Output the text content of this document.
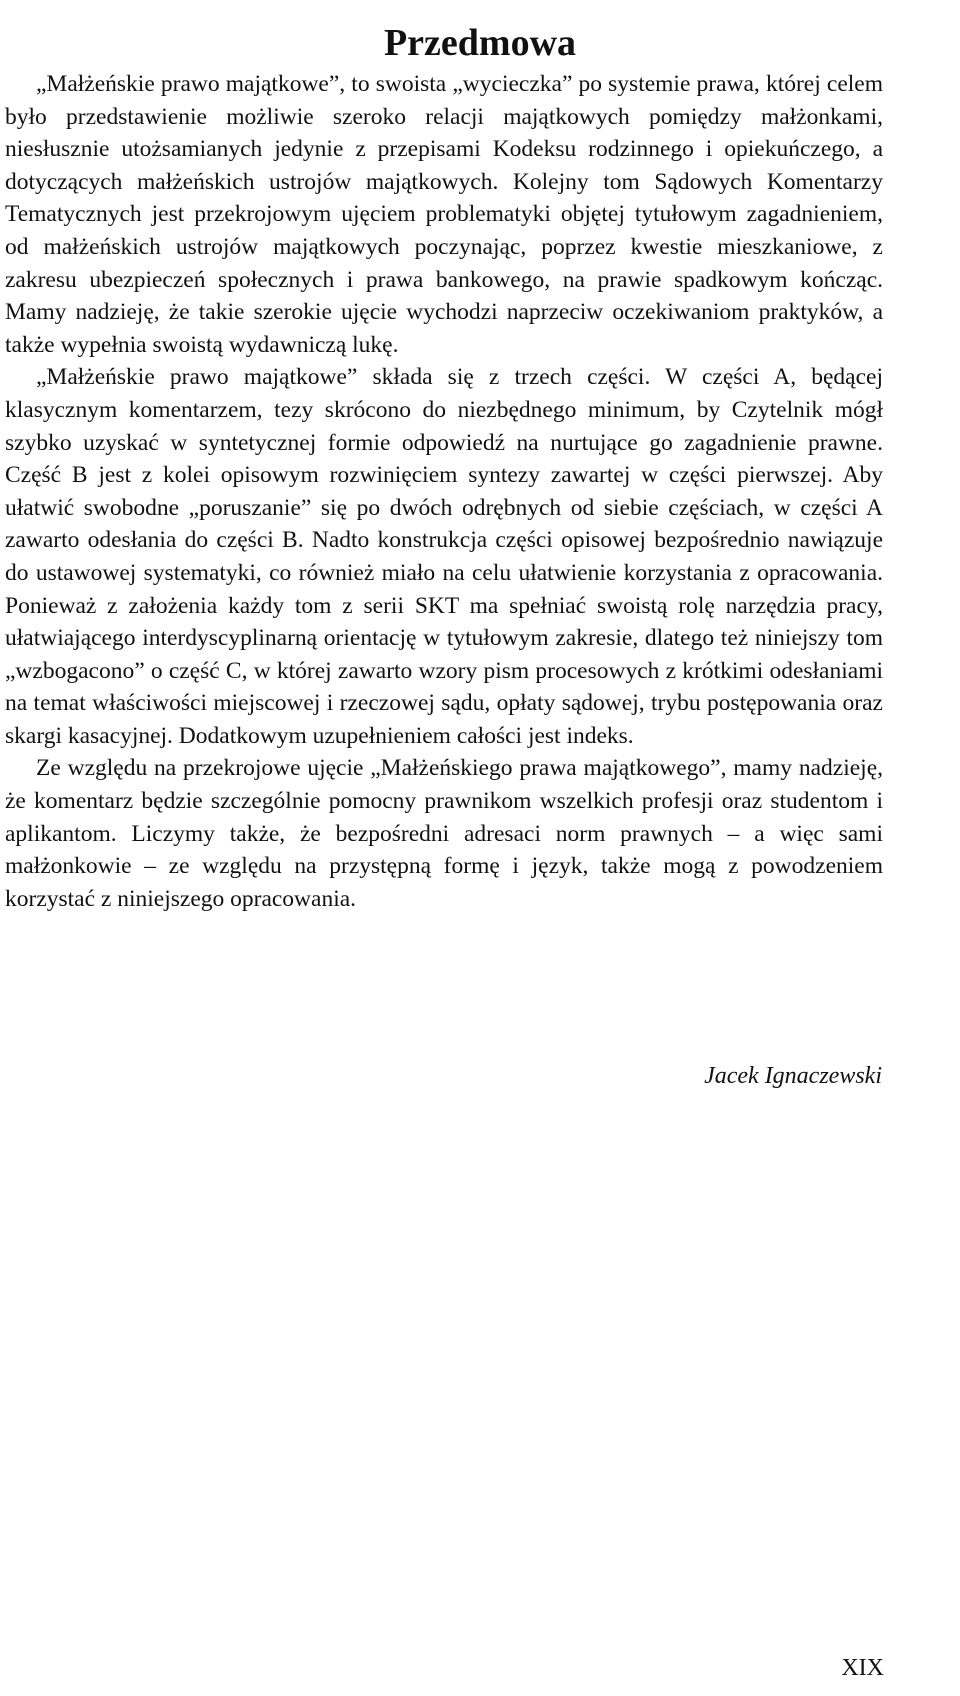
Przedmowa

„Małżeńskie prawo majątkowe”, to swoista „wycieczka” po systemie prawa, której celem było przedstawienie możliwie szeroko relacji majątkowych pomiędzy małżonkami, niesłusznie utożsamianych jedynie z przepisami Kodeksu rodzinnego i opiekuńczego, a dotyczących małżeńskich ustrojów majątkowych. Kolejny tom Sądowych Komentarzy Tematycznych jest przekrojowym ujęciem problematyki objętej tytułowym zagadnieniem, od małżeńskich ustrojów majątkowych poczynając, poprzez kwestie mieszkaniowe, z zakresu ubezpieczeń społecznych i prawa bankowego, na prawie spadkowym kończąc. Mamy nadzieję, że takie szerokie ujęcie wychodzi naprzeciw oczekiwaniom praktyków, a także wypełnia swoistą wydawniczą lukę.

„Małżeńskie prawo majątkowe” składa się z trzech części. W części A, będącej klasycznym komentarzem, tezy skrócono do niezbędnego minimum, by Czytelnik mógł szybko uzyskać w syntetycznej formie odpowiedź na nurtujące go zagadnienie prawne. Część B jest z kolei opisowym rozwinięciem syntezy zawartej w części pierwszej. Aby ułatwić swobodne „poruszanie” się po dwóch odrębnych od siebie częściach, w części A zawarto odesłania do części B. Nadto konstrukcja części opisowej bezpośrednio nawiązuje do ustawowej systematyki, co również miało na celu ułatwienie korzystania z opracowania. Ponieważ z założenia każdy tom z serii SKT ma spełniać swoistą rolę narzędzia pracy, ułatwiającego interdyscyplinarną orientację w tytułowym zakresie, dlatego też niniejszy tom „wzbogacono” o część C, w której zawarto wzory pism procesowych z krótkimi odesłaniami na temat właściwości miejscowej i rzeczowej sądu, opłaty sądowej, trybu postępowania oraz skargi kasacyjnej. Dodatkowym uzupełnieniem całości jest indeks.

Ze względu na przekrojowe ujęcie „Małżeńskiego prawa majątkowego”, mamy nadzieję, że komentarz będzie szczególnie pomocny prawnikom wszelkich profesji oraz studentom i aplikantom. Liczymy także, że bezpośredni adresaci norm prawnych – a więc sami małżonkowie – ze względu na przystępną formę i język, także mogą z powodzeniem korzystać z niniejszego opracowania.

Jacek Ignaczewski
XIX
